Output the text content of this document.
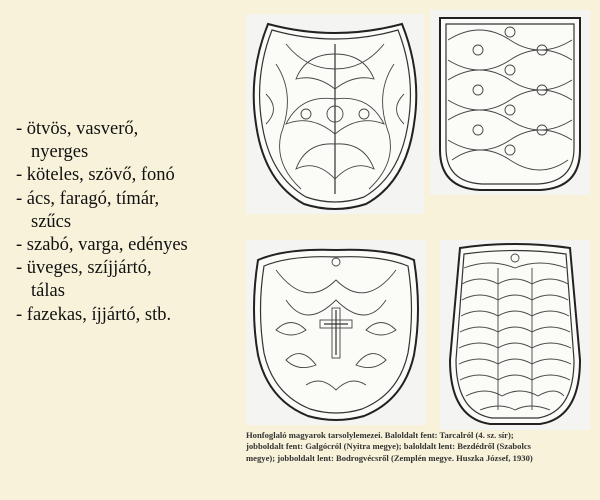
- ötvös, vasverő,
nyerges
- köteles, szövő, fonó
- ács, faragó, tímár,
szűcs
- szabó, varga, edényes
- üveges, szíjjártó,
tálas
- fazekas, íjjártó, stb.
Honfoglaló magyarok tarsolylemezei. Baloldalt fent: Tarcalról (4. sz. sír);
jobboldalt fent: Galgócról (Nyitra megye); baloldalt lent: Bezdédről (Szabolcs
megye); jobboldalt lent: Bodrogvécsről (Zemplén megye. Huszka József, 1930)
